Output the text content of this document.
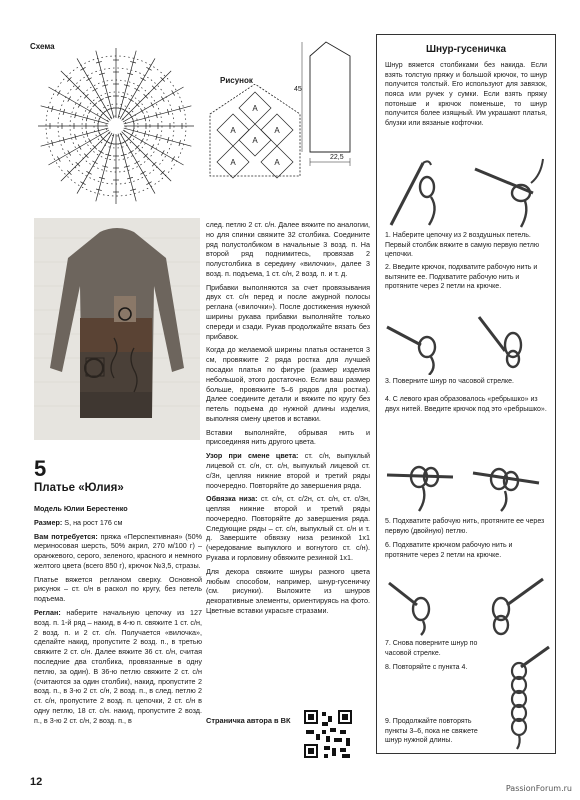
Схема
Рисунок
A
A	A
A
A	A
45
22,5
5
Платье «Юлия»

Модель Юлии Берестенко

Размер: S, на рост 176 см

Вам потребуется: пряжа «Перспективная» (50% мериносовая шерсть, 50% акрил, 270 м/100 г) – оранжевого, серого, зеленого, красного и немного желтого цвета (всего 850 г), крючок №3,5, стразы.

Платье вяжется регланом сверху. Основной рисунок – ст. с/н в раскол по кругу, без петель подъема.

Реглан: наберите начальную цепочку из 127 возд. п. 1-й ряд – накид, в 4-ю п. свяжите 1 ст. с/н, 2 возд. п. и 2 ст. с/н. Получается «вилочка», сделайте накид, пропустите 2 возд. п., в третью свяжите 2 ст. с/н. Далее вяжите 36 ст. с/н, считая последние два столбика, провязанные в одну петлю, за один). В 36-ю петлю свяжите 2 ст. с/н (считаются за один столбик), накид, пропустите 2 возд. п., в 3-ю 2 ст. с/н, 2 возд. п., в след. петлю 2 ст. с/н, пропустите 2 возд. п. цепочки, 2 ст. с/н в одну петлю, 18 ст. с/н. накид, пропустите 2 возд. п., в 3-ю 2 ст. с/н, 2 возд. п., в

след. петлю 2 ст. с/н. Далее вяжите по аналогии, но для спинки свяжите 32 столбика. Соедините ряд полустолбиком в начальные 3 возд. п. На второй ряд поднимитесь, провязав 2 полустолбика в середину «вилочки», далее 3 возд. п. подъема, 1 ст. с/н, 2 возд. п. и т. д.

Прибавки выполняются за счет провязывания двух ст. с/н перед и после ажурной полосы реглана («вилочки»). После достижения нужной ширины рукава прибавки выполняйте только спереди и сзади. Рукав продолжайте вязать без прибавок.

Когда до желаемой ширины платья останется 3 см, провяжите 2 ряда ростка для лучшей посадки платья по фигуре (размер изделия небольшой, этого достаточно. Если ваш размер больше, провяжите 5–6 рядов для ростка). Далее соедините детали и вяжите по кругу без петель подъема до нужной длины изделия, выполняя смену цветов и вставки.

Вставки выполняйте, обрывая нить и присоединяя нить другого цвета.

Узор при смене цвета: ст. с/н, выпуклый лицевой ст. с/н, ст. с/н, выпуклый лицевой ст. с/3н, цепляя нижние второй и третий ряды поочередно. Повторяйте до завершения ряда.

Обвязка низа: ст. с/н, ст. с/2н, ст. с/н, ст. с/3н, цепляя нижние второй и третий ряды поочередно. Повторяйте до завершения ряда. Следующие ряды – ст. с/н, выпуклый ст. с/н и т. д. Завершите обвязку низа резинкой 1х1 (чередование выпуклого и вогнутого ст. с/н). Рукава и горловину обвяжите резинкой 1х1.

Для декора свяжите шнуры разного цвета любым способом, например, шнур-гусеничку (см. рисунки). Выложите из шнуров декоративные элементы, ориентируясь на фото. Цветные вставки украсьте стразами.

Страничка автора в ВК
Шнур-гусеничка
Шнур вяжется столбиками без накида. Если взять толстую пряжу и большой крючок, то шнур получится толстый. Его используют для завязок, пояса или ручек у сумки. Если взять пряжу потоньше и крючок поменьше, то шнур получится более изящный. Им украшают платья, блузки или вязаные кофточки.
1. Наберите цепочку из 2 воздушных петель. Первый столбик вяжите в самую первую петлю цепочки.
2. Введите крючок, подхватите рабочую нить и вытяните ее. Подхватите рабочую нить и протяните через 2 петли на крючке.
3. Поверните шнур по часовой стрелке.
4. С левого края образовалось «ребрышко» из двух нитей. Введите крючок под это «ребрышко».
5. Подхватите рабочую нить, протяните ее через первую (двойную) петлю.
6. Подхватите крючком рабочую нить и протяните через 2 петли на крючке.
7. Снова поверните шнур по часовой стрелке.
8. Повторяйте с пункта 4.
9. Продолжайте повторять пункты 3–6, пока не свяжете шнур нужной длины.
12
PassionForum.ru
